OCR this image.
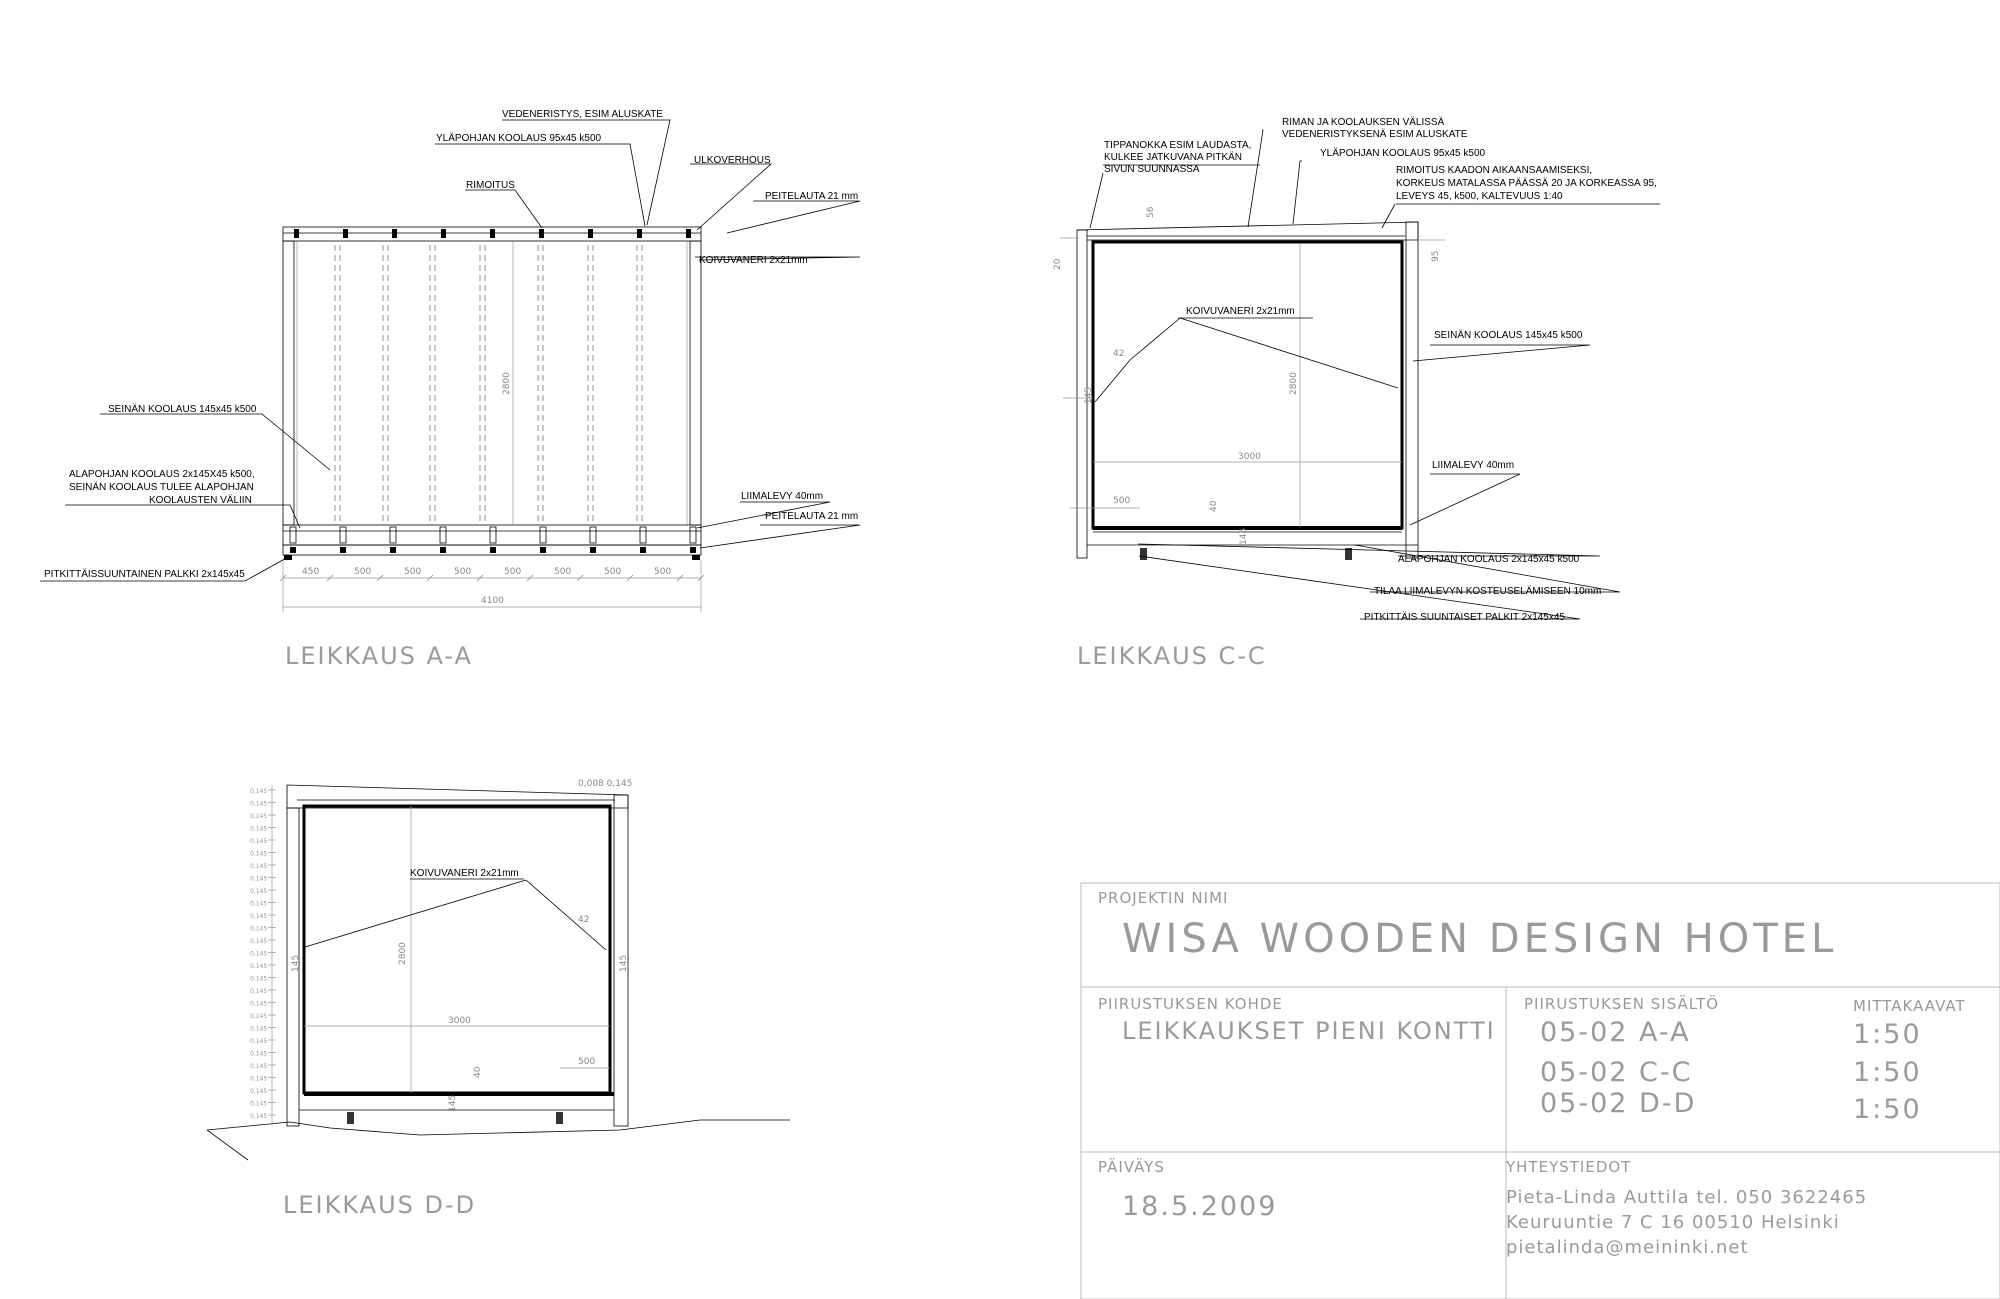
2800
450	500	500	500	500	500	500	500
4100
VEDENERISTYS, ESIM ALUSKATE
YLÄPOHJAN KOOLAUS 95x45 k500
ULKOVERHOUS
RIMOITUS
PEITELAUTA 21 mm
KOIVUVANERI 2x21mm
SEINÄN KOOLAUS 145x45 k500
ALAPOHJAN KOOLAUS 2x145X45 k500,
SEINÄN KOOLAUS TULEE ALAPOHJAN
KOOLAUSTEN VÄLIIN	LIIMALEVY 40mm
PEITELAUTA 21 mm
PITKITTÄISSUUNTAINEN PALKKI 2x145x45
LEIKKAUS A-A
2800
3000
500	40
145
56
20
95
42
145
RIMAN JA KOOLAUKSEN VÄLISSÄ
VEDENERISTYKSENÄ ESIM ALUSKATE
TIPPANOKKA ESIM LAUDASTA,
KULKEE JATKUVANA PITKÄN
SIVUN SUUNNASSA
YLÄPOHJAN KOOLAUS 95x45 k500
RIMOITUS KAADON AIKAANSAAMISEKSI,
KORKEUS MATALASSA PÄÄSSÄ 20 JA KORKEASSA 95,
LEVEYS 45, k500, KALTEVUUS 1:40
KOIVUVANERI 2x21mm
SEINÄN KOOLAUS 145x45 k500
LIIMALEVY 40mm
ALAPOHJAN KOOLAUS 2x145x45 k500
TILAA LIIMALEVYN KOSTEUSELÄMISEEN 10mm
PITKITTÄIS SUUNTAISET PALKIT 2x145x45
LEIKKAUS C-C
2800
3000
500
40
145
42
145	145
0,008 0,145
0,145
0,145
0,145
0,145
0,145
0,145
0,145
0,145
0,145
0,145
0,145
0,145
0,145
0,145
0,145
0,145
0,145
0,145
0,145
0,145
0,145
0,145
0,145
0,145
0,145
0,145
0,145
KOIVUVANERI 2x21mm
LEIKKAUS D-D
PROJEKTIN NIMI
WISA WOODEN DESIGN HOTEL
PIIRUSTUKSEN KOHDE
LEIKKAUKSET PIENI KONTTI
PIIRUSTUKSEN SISÄLTÖ
05-02 A-A
05-02 C-C
05-02 D-D
MITTAKAAVAT
1:50
1:50
1:50
PÄIVÄYS
18.5.2009
YHTEYSTIEDOT
Pieta-Linda Auttila tel. 050 3622465
Keuruuntie 7 C 16 00510 Helsinki
pietalinda@meininki.net
